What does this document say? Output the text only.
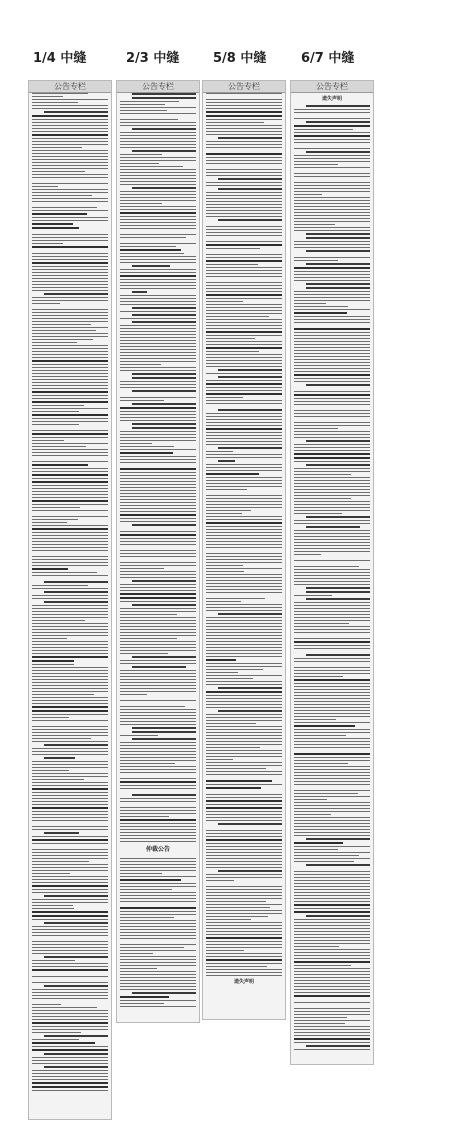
1/4 中缝	2/3 中缝	5/8 中缝	6/7 中缝
公告专栏	公告专栏
仲裁公告
公告专栏
遗失声明
公告专栏
遗失声明
